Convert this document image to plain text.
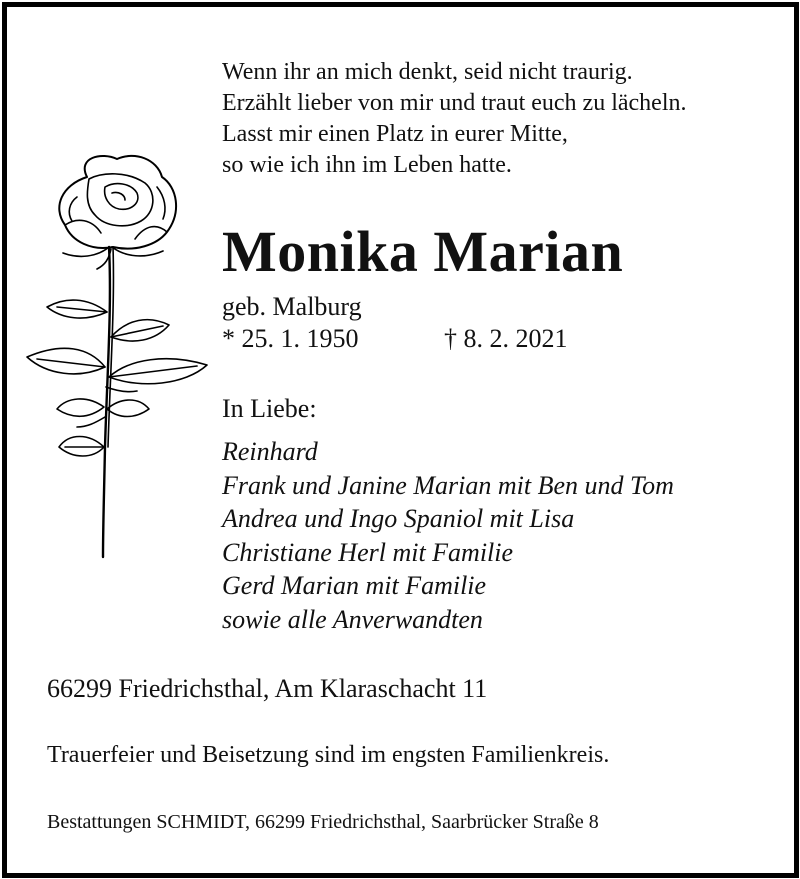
Wenn ihr an mich denkt, seid nicht traurig.
Erzählt lieber von mir und traut euch zu lächeln.
Lasst mir einen Platz in eurer Mitte,
so wie ich ihn im Leben hatte.
Monika Marian
geb. Malburg
* 25. 1. 1950	† 8. 2. 2021
In Liebe:
Reinhard
Frank und Janine Marian mit Ben und Tom
Andrea und Ingo Spaniol mit Lisa
Christiane Herl mit Familie
Gerd Marian mit Familie
sowie alle Anverwandten
66299 Friedrichsthal, Am Klaraschacht 11
Trauerfeier und Beisetzung sind im engsten Familienkreis.
Bestattungen SCHMIDT, 66299 Friedrichsthal, Saarbrücker Straße 8
